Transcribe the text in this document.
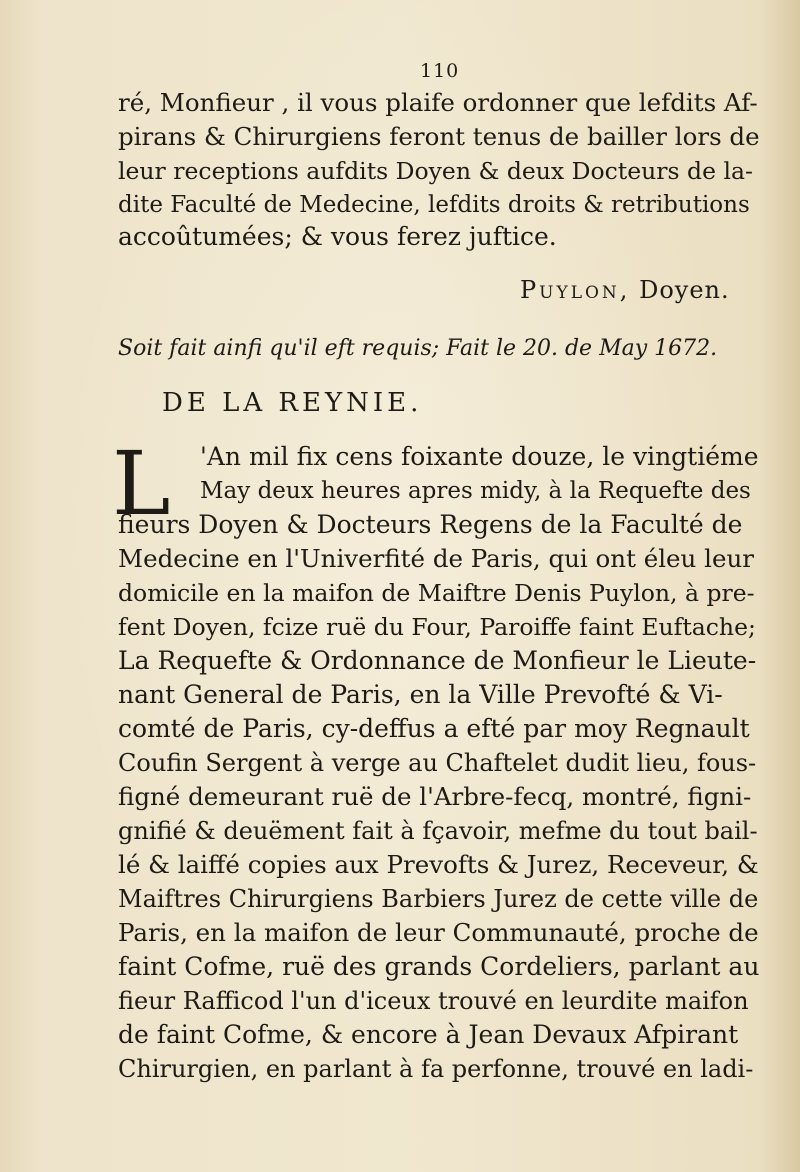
110
ré, Monfieur , il vous plaife ordonner que lefdits Af-
pirans & Chirurgiens feront tenus de bailler lors de
leur receptions aufdits Doyen & deux Docteurs de la-
dite Faculté de Medecine, lefdits droits & retributions
accoûtumées; & vous ferez juftice.
Puylon, Doyen.
Soit fait ainfi qu'il eft requis; Fait le 20. de May 1672.
DE LA REYNIE.
L 'An mil fix cens foixante douze, le vingtiéme
May deux heures apres midy, à la Requefte des
fieurs Doyen & Docteurs Regens de la Faculté de
Medecine en l'Univerfité de Paris, qui ont éleu leur
domicile en la maifon de Maiftre Denis Puylon, à pre-
fent Doyen, fcize ruë du Four, Paroiffe faint Euftache;
La Requefte & Ordonnance de Monfieur le Lieute-
nant General de Paris, en la Ville Prevofté & Vi-
comté de Paris, cy-deffus a efté par moy Regnault
Coufin Sergent à verge au Chaftelet dudit lieu, fous-
figné demeurant ruë de l'Arbre-fecq, montré, figni-
gnifié & deuëment fait à fçavoir, mefme du tout bail-
lé & laiffé copies aux Prevofts & Jurez, Receveur, &
Maiftres Chirurgiens Barbiers Jurez de cette ville de
Paris, en la maifon de leur Communauté, proche de
faint Cofme, ruë des grands Cordeliers, parlant au
fieur Rafficod l'un d'iceux trouvé en leurdite maifon
de faint Cofme, & encore à Jean Devaux Afpirant
Chirurgien, en parlant à fa perfonne, trouvé en ladi-
